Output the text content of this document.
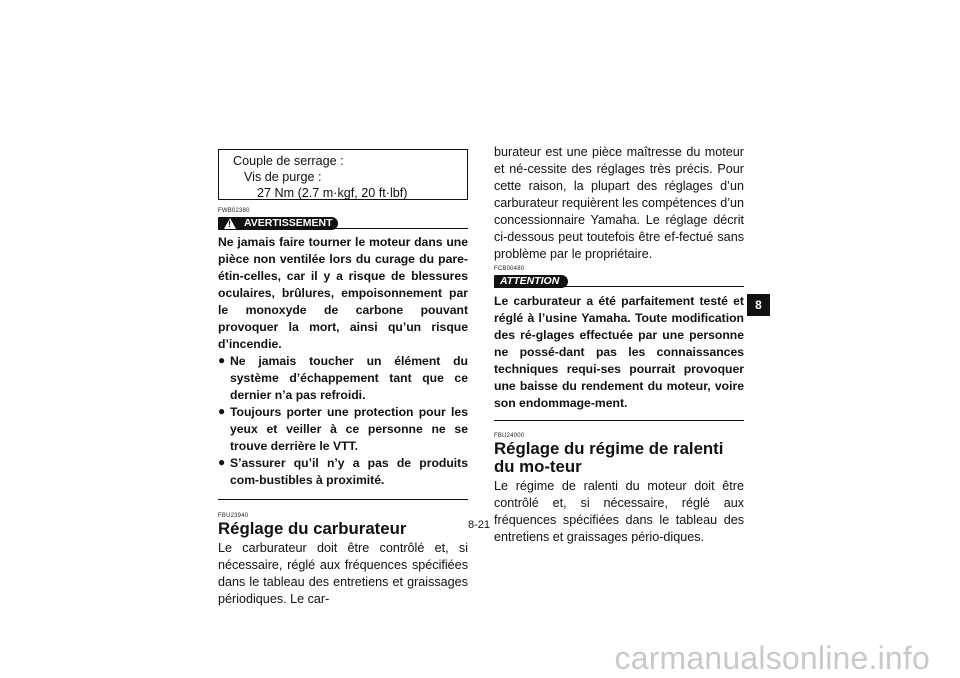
Couple de serrage :
Vis de purge :
27 Nm (2.7 m·kgf, 20 ft·lbf)
FWB02380
!
AVERTISSEMENT

Ne jamais faire tourner le moteur dans une pièce non ventilée lors du curage du pare-étin-celles, car il y a risque de blessures oculaires, brûlures, empoisonnement par le monoxyde de carbone pouvant provoquer la mort, ainsi qu’un risque d’incendie.

● Ne jamais toucher un élément du système d’échappement tant que ce dernier n’a pas refroidi.

● Toujours porter une protection pour les yeux et veiller à ce personne ne se trouve derrière le VTT.

● S’assurer qu’il n’y a pas de produits com-bustibles à proximité.

FBU23940
Réglage du carburateur

Le carburateur doit être contrôlé et, si nécessaire, réglé aux fréquences spécifiées dans le tableau des entretiens et graissages périodiques. Le car-

burateur est une pièce maîtresse du moteur et né-cessite des réglages très précis. Pour cette raison, la plupart des réglages d’un carburateur requièrent les compétences d’un concessionnaire Yamaha. Le réglage décrit ci-dessous peut toutefois être ef-fectué sans problème par le propriétaire.

FCB00480
ATTENTION

Le carburateur a été parfaitement testé et réglé à l’usine Yamaha. Toute modification des ré-glages effectuée par une personne ne possé-dant pas les connaissances techniques requi-ses pourrait provoquer une baisse du rendement du moteur, voire son endommage-ment.

FBU24000
Réglage du régime de ralenti du mo-teur

Le régime de ralenti du moteur doit être contrôlé et, si nécessaire, réglé aux fréquences spécifiées dans le tableau des entretiens et graissages pério-diques.

8-21
8
carmanualsonline.info
